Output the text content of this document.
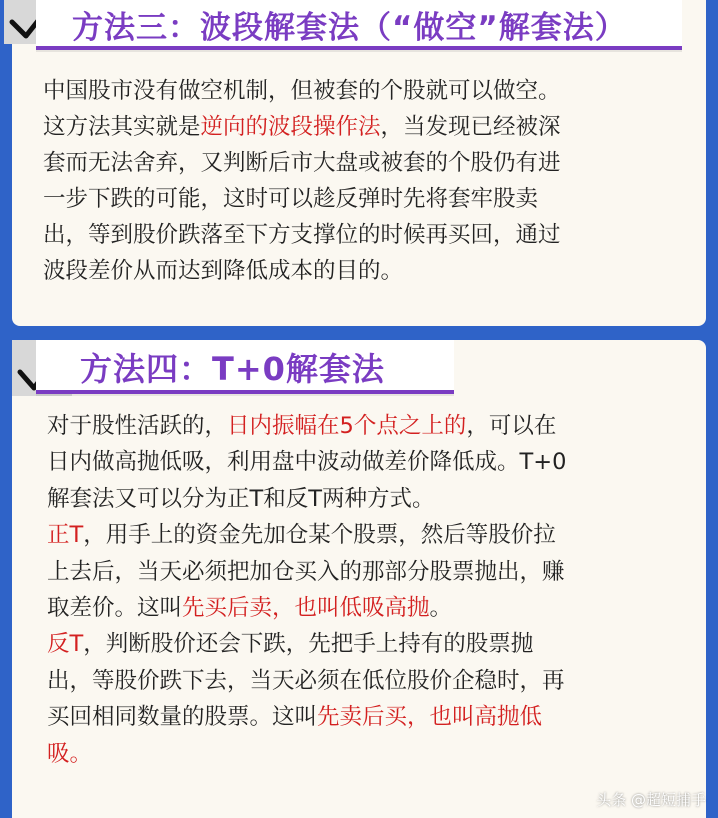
方法三：波段解套法（“做空”解套法）
中国股市没有做空机制，但被套的个股就可以做空。
这方法其实就是逆向的波段操作法，当发现已经被深
套而无法舍弃，又判断后市大盘或被套的个股仍有进
一步下跌的可能，这时可以趁反弹时先将套牢股卖
出，等到股价跌落至下方支撑位的时候再买回，通过
波段差价从而达到降低成本的目的。
方法四：T+0解套法
对于股性活跃的，日内振幅在5个点之上的，可以在
日内做高抛低吸，利用盘中波动做差价降低成。T+0
解套法又可以分为正T和反T两种方式。
正T，用手上的资金先加仓某个股票，然后等股价拉
上去后，当天必须把加仓买入的那部分股票抛出，赚
取差价。这叫先买后卖，也叫低吸高抛。
反T，判断股价还会下跌，先把手上持有的股票抛
出，等股价跌下去，当天必须在低位股价企稳时，再
买回相同数量的股票。这叫先卖后买，也叫高抛低
吸。
头条 @超短捕手
